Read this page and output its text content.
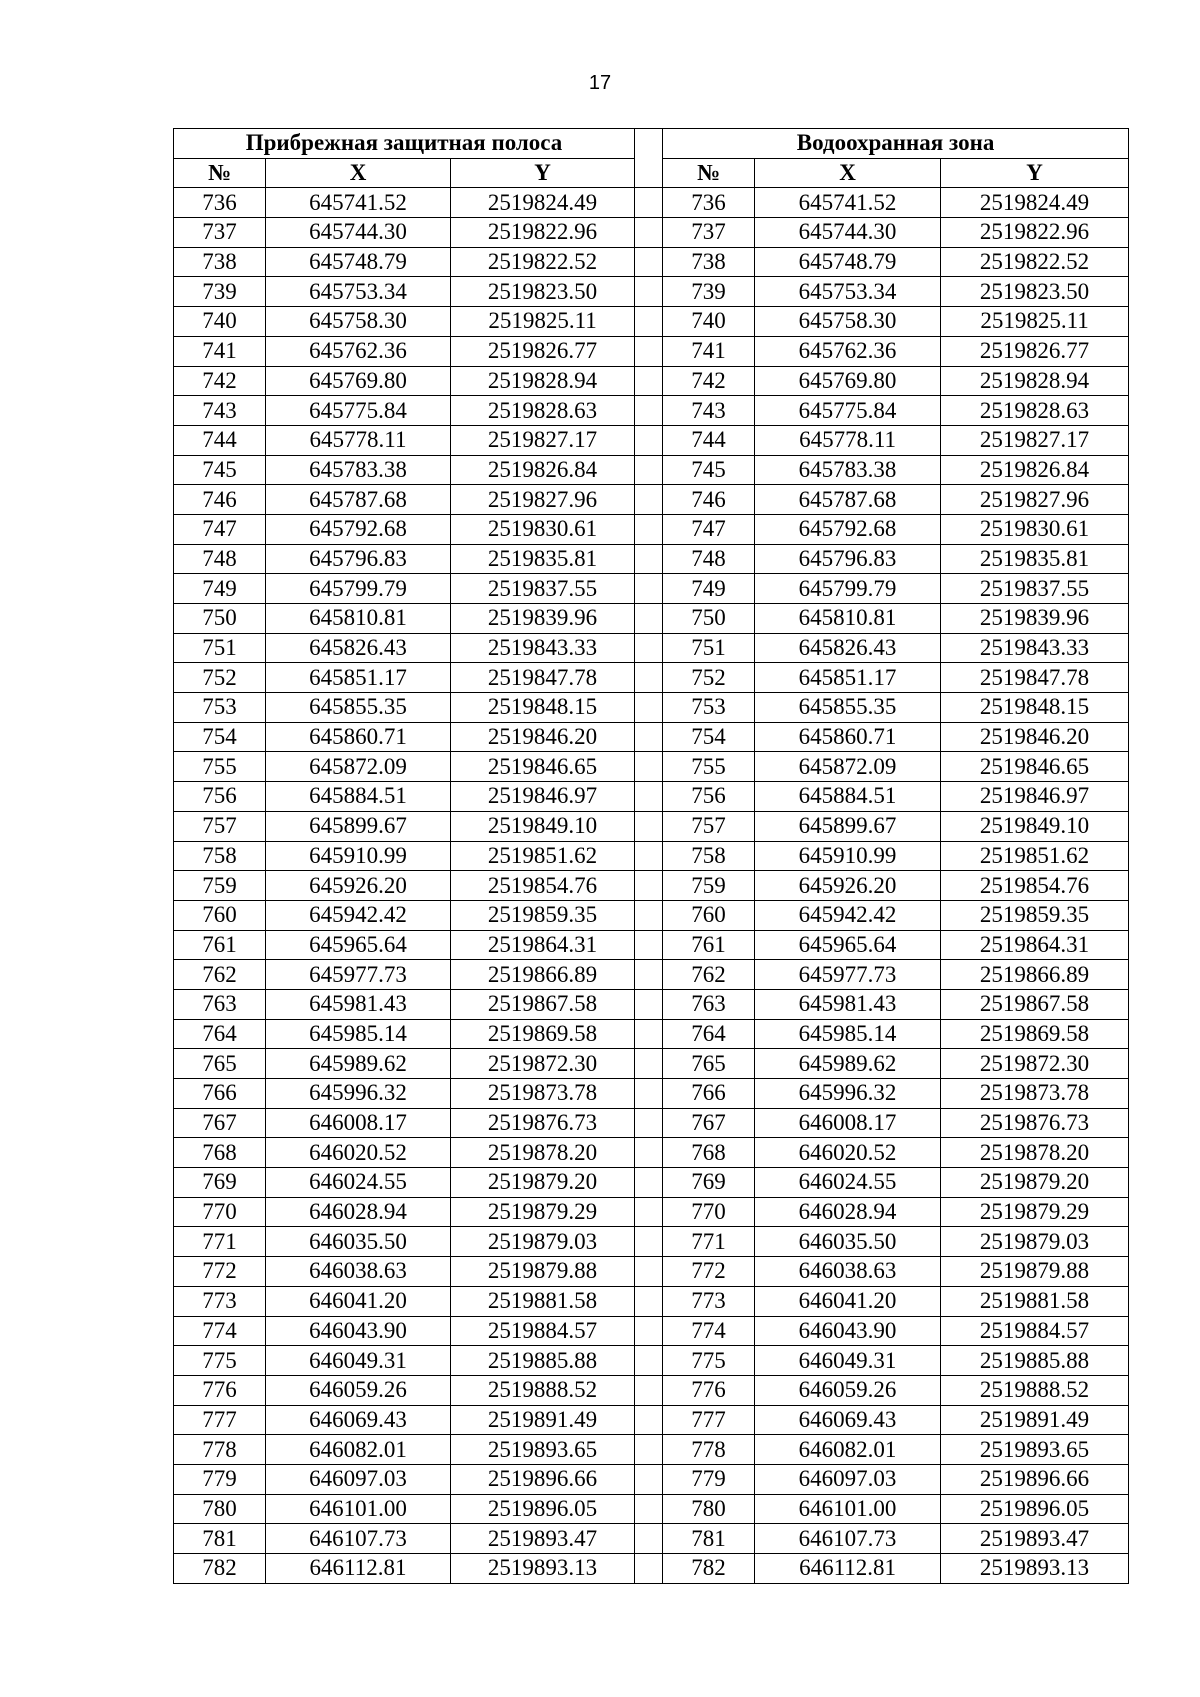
17
Прибрежная защитная полоса				Водоохранная зона		
№	X	Y		№	X	Y
736	645741.52	2519824.49		736	645741.52	2519824.49
737	645744.30	2519822.96		737	645744.30	2519822.96
738	645748.79	2519822.52		738	645748.79	2519822.52
739	645753.34	2519823.50		739	645753.34	2519823.50
740	645758.30	2519825.11		740	645758.30	2519825.11
741	645762.36	2519826.77		741	645762.36	2519826.77
742	645769.80	2519828.94		742	645769.80	2519828.94
743	645775.84	2519828.63		743	645775.84	2519828.63
744	645778.11	2519827.17		744	645778.11	2519827.17
745	645783.38	2519826.84		745	645783.38	2519826.84
746	645787.68	2519827.96		746	645787.68	2519827.96
747	645792.68	2519830.61		747	645792.68	2519830.61
748	645796.83	2519835.81		748	645796.83	2519835.81
749	645799.79	2519837.55		749	645799.79	2519837.55
750	645810.81	2519839.96		750	645810.81	2519839.96
751	645826.43	2519843.33		751	645826.43	2519843.33
752	645851.17	2519847.78		752	645851.17	2519847.78
753	645855.35	2519848.15		753	645855.35	2519848.15
754	645860.71	2519846.20		754	645860.71	2519846.20
755	645872.09	2519846.65		755	645872.09	2519846.65
756	645884.51	2519846.97		756	645884.51	2519846.97
757	645899.67	2519849.10		757	645899.67	2519849.10
758	645910.99	2519851.62		758	645910.99	2519851.62
759	645926.20	2519854.76		759	645926.20	2519854.76
760	645942.42	2519859.35		760	645942.42	2519859.35
761	645965.64	2519864.31		761	645965.64	2519864.31
762	645977.73	2519866.89		762	645977.73	2519866.89
763	645981.43	2519867.58		763	645981.43	2519867.58
764	645985.14	2519869.58		764	645985.14	2519869.58
765	645989.62	2519872.30		765	645989.62	2519872.30
766	645996.32	2519873.78		766	645996.32	2519873.78
767	646008.17	2519876.73		767	646008.17	2519876.73
768	646020.52	2519878.20		768	646020.52	2519878.20
769	646024.55	2519879.20		769	646024.55	2519879.20
770	646028.94	2519879.29		770	646028.94	2519879.29
771	646035.50	2519879.03		771	646035.50	2519879.03
772	646038.63	2519879.88		772	646038.63	2519879.88
773	646041.20	2519881.58		773	646041.20	2519881.58
774	646043.90	2519884.57		774	646043.90	2519884.57
775	646049.31	2519885.88		775	646049.31	2519885.88
776	646059.26	2519888.52		776	646059.26	2519888.52
777	646069.43	2519891.49		777	646069.43	2519891.49
778	646082.01	2519893.65		778	646082.01	2519893.65
779	646097.03	2519896.66		779	646097.03	2519896.66
780	646101.00	2519896.05		780	646101.00	2519896.05
781	646107.73	2519893.47		781	646107.73	2519893.47
782	646112.81	2519893.13		782	646112.81	2519893.13
